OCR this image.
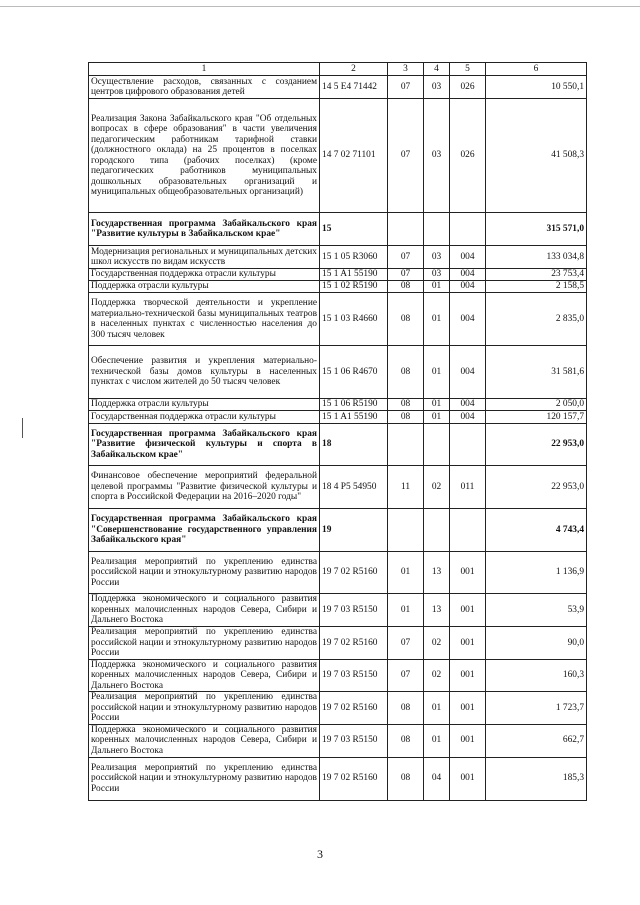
1	2	3	4	5	6
Осуществление расходов, связанных с созданием центров цифрового образования детей	14 5 E4 71442	07	03	026	10 550,1
Реализация Закона Забайкальского края "Об отдельных вопросах в сфере образования" в части увеличения педагогическим работникам тарифной ставки (должностного оклада) на 25 процентов в поселках городского типа (рабочих поселках) (кроме педагогических работников муниципальных дошкольных образовательных организаций и муниципальных общеобразовательных организаций)	14 7 02 71101	07	03	026	41 508,3
Государственная программа Забайкальского края "Развитие культуры в Забайкальском крае"	15				315 571,0
Модернизация региональных и муниципальных детских школ искусств по видам искусств	15 1 05 R3060	07	03	004	133 034,8
Государственная поддержка отрасли культуры	15 1 A1 55190	07	03	004	23 753,4
Поддержка отрасли культуры	15 1 02 R5190	08	01	004	2 158,5
Поддержка творческой деятельности и укрепление материально-технической базы муниципальных театров в населенных пунктах с численностью населения до 300 тысяч человек	15 1 03 R4660	08	01	004	2 835,0
Обеспечение развития и укрепления материально-технической базы домов культуры в населенных пунктах с числом жителей до 50 тысяч человек	15 1 06 R4670	08	01	004	31 581,6
Поддержка отрасли культуры	15 1 06 R5190	08	01	004	2 050,0
Государственная поддержка отрасли культуры	15 1 A1 55190	08	01	004	120 157,7
Государственная программа Забайкальского края "Развитие физической культуры и спорта в Забайкальском крае"	18				22 953,0
Финансовое обеспечение мероприятий федеральной целевой программы "Развитие физической культуры и спорта в Российской Федерации на 2016–2020 годы"	18 4 P5 54950	11	02	011	22 953,0
Государственная программа Забайкальского края "Совершенствование государственного управления Забайкальского края"	19				4 743,4
Реализация мероприятий по укреплению единства российской нации и этнокультурному развитию народов России	19 7 02 R5160	01	13	001	1 136,9
Поддержка экономического и социального развития коренных малочисленных народов Севера, Сибири и Дальнего Востока	19 7 03 R5150	01	13	001	53,9
Реализация мероприятий по укреплению единства российской нации и этнокультурному развитию народов России	19 7 02 R5160	07	02	001	90,0
Поддержка экономического и социального развития коренных малочисленных народов Севера, Сибири и Дальнего Востока	19 7 03 R5150	07	02	001	160,3
Реализация мероприятий по укреплению единства российской нации и этнокультурному развитию народов России	19 7 02 R5160	08	01	001	1 723,7
Поддержка экономического и социального развития коренных малочисленных народов Севера, Сибири и Дальнего Востока	19 7 03 R5150	08	01	001	662,7
Реализация мероприятий по укреплению единства российской нации и этнокультурному развитию народов России	19 7 02 R5160	08	04	001	185,3
3
